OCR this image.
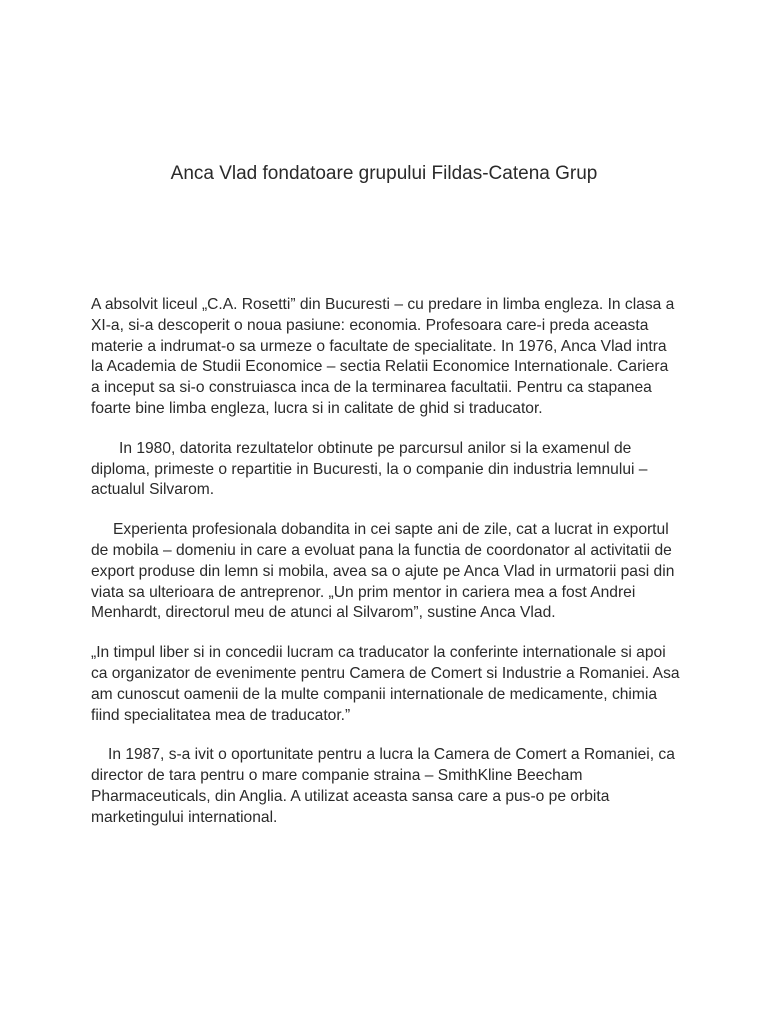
Anca Vlad fondatoare grupului Fildas-Catena Grup

A absolvit liceul „C.A. Rosetti” din Bucuresti – cu predare in limba engleza. In clasa a XI-a, si-a descoperit o noua pasiune: economia. Profesoara care-i preda aceasta materie a indrumat-o sa urmeze o facultate de specialitate. In 1976, Anca Vlad intra la Academia de Studii Economice – sectia Relatii Economice Internationale. Cariera a inceput sa si-o construiasca inca de la terminarea facultatii. Pentru ca stapanea foarte bine limba engleza, lucra si in calitate de ghid si traducator.

In 1980, datorita rezultatelor obtinute pe parcursul anilor si la examenul de diploma, primeste o repartitie in Bucuresti, la o companie din industria lemnului – actualul Silvarom.

Experienta profesionala dobandita in cei sapte ani de zile, cat a lucrat in exportul de mobila – domeniu in care a evoluat pana la functia de coordonator al activitatii de export produse din lemn si mobila, avea sa o ajute pe Anca Vlad in urmatorii pasi din viata sa ulterioara de antreprenor. „Un prim mentor in cariera mea a fost Andrei Menhardt, directorul meu de atunci al Silvarom”, sustine Anca Vlad.

„In timpul liber si in concedii lucram ca traducator la conferinte internationale si apoi ca organizator de evenimente pentru Camera de Comert si Industrie a Romaniei. Asa am cunoscut oamenii de la multe companii internationale de medicamente, chimia fiind specialitatea mea de traducator.”

In 1987, s-a ivit o oportunitate pentru a lucra la Camera de Comert a Romaniei, ca director de tara pentru o mare companie straina – SmithKline Beecham Pharmaceuticals, din Anglia. A utilizat aceasta sansa care a pus-o pe orbita marketingului international.
